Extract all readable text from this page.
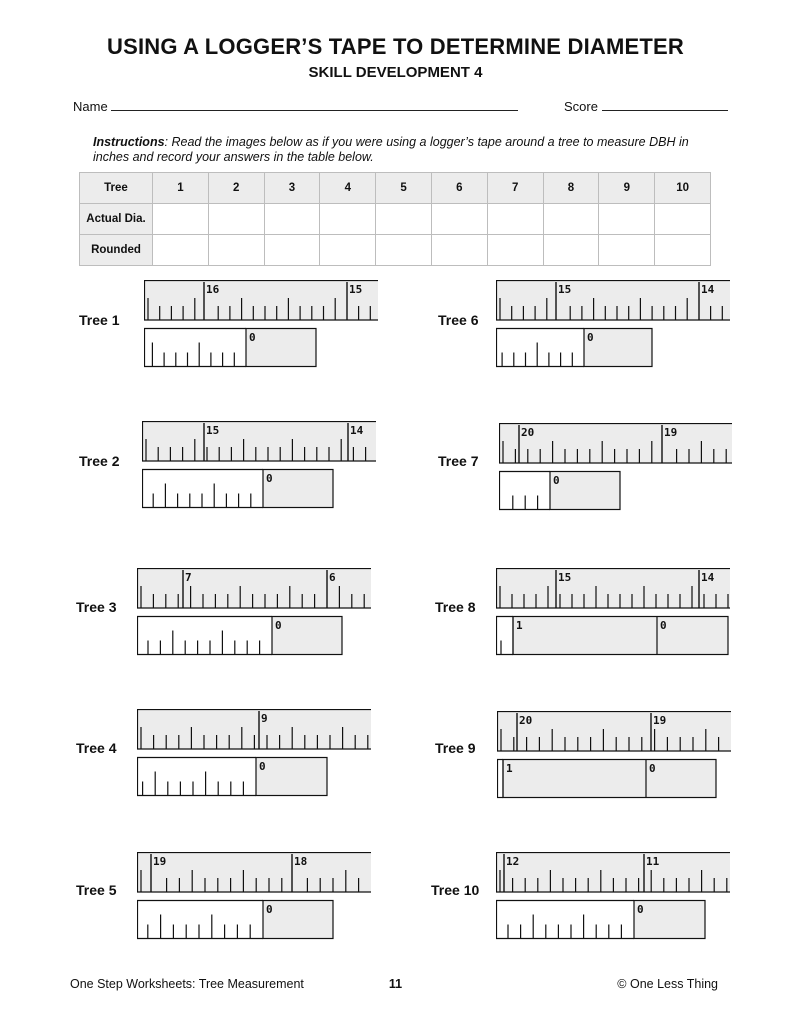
USING A LOGGER’S TAPE TO DETERMINE DIAMETER
SKILL DEVELOPMENT 4
Name	Score
Instructions: Read the images below as if you were using a logger’s tape around a tree to measure DBH in inches and record your answers in the table below.
Tree	1	2	3	4	5	6	7	8	9	10
Actual Dia.										
Rounded										
Tree 1
Tree 2
Tree 3
Tree 4
Tree 5
Tree 6
Tree 7
Tree 8
Tree 9
Tree 10
16	15
0
15	14
0
7	6
0
9
0
19	18
0
15	14
0
20	19
0
15	14
1	0
20	19
1	0
12	11
0
One Step Worksheets: Tree Measurement	11	© One Less Thing
